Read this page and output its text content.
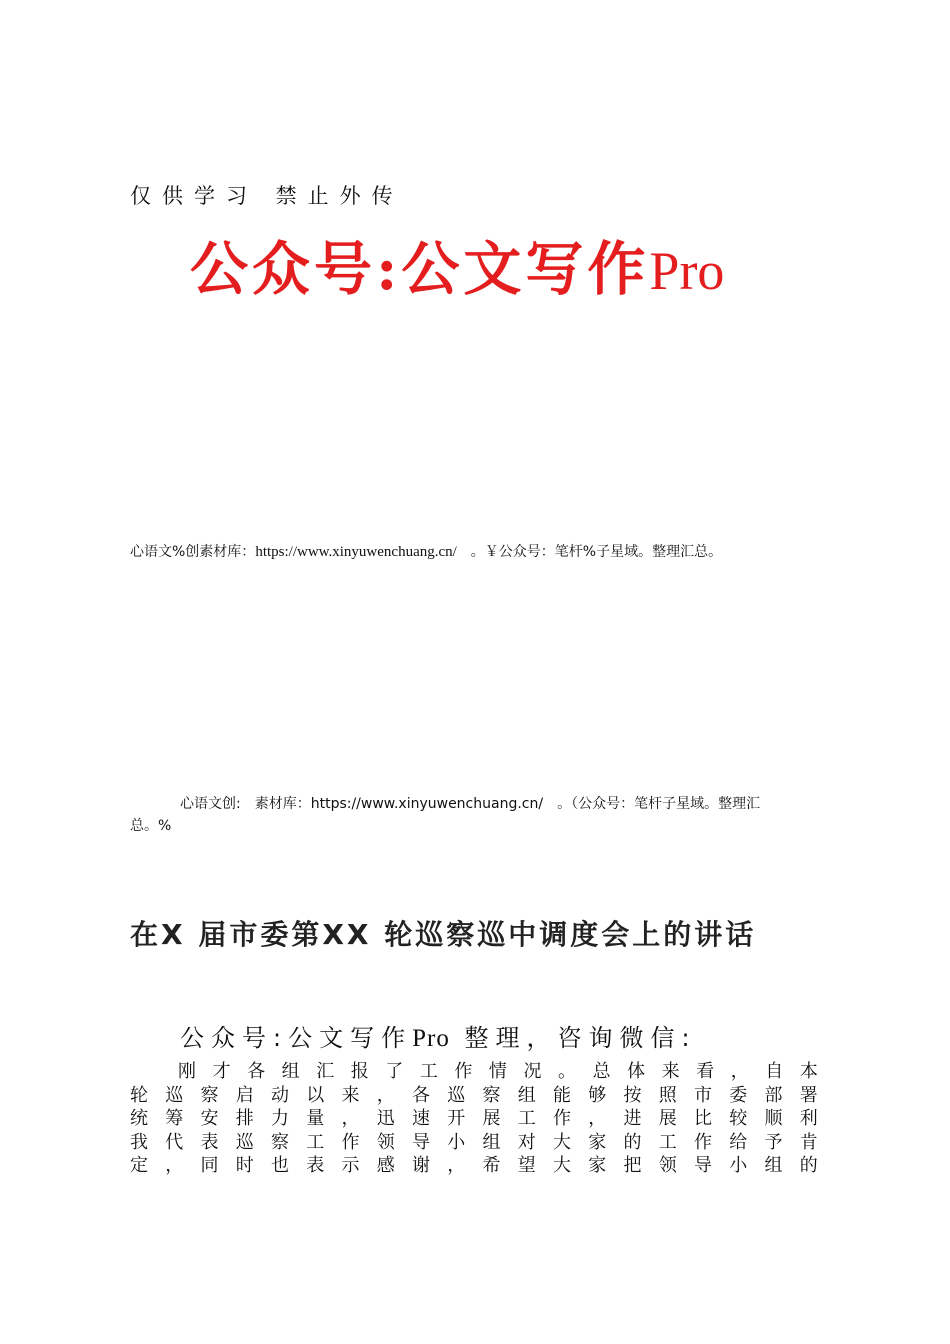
仅供学习 禁止外传
公众号:公文写作Pro
心语文%创素材库：https://www.xinyuwenchuang.cn/　。￥公众号：笔杆%子星域。整理汇总。
心语文创:　素材库：https://www.xinyuwenchuang.cn/　。（公众号：笔杆子星域。整理汇
总。%
在X 届市委第XX 轮巡察巡中调度会上的讲话
公众号:公文写作Pro 整理，咨询微信:
刚 才 各 组 汇 报 了 工 作 情 况 。 总 体 来 看 ， 自 本
轮 巡 察 启 动 以 来 ， 各 巡 察 组 能 够 按 照 市 委 部 署
统 筹 安 排 力 量 ， 迅 速 开 展 工 作 ， 进 展 比 较 顺 利
我 代 表 巡 察 工 作 领 导 小 组 对 大 家 的 工 作 给 予 肯
定 ， 同 时 也 表 示 感 谢 ， 希 望 大 家 把 领 导 小 组 的
